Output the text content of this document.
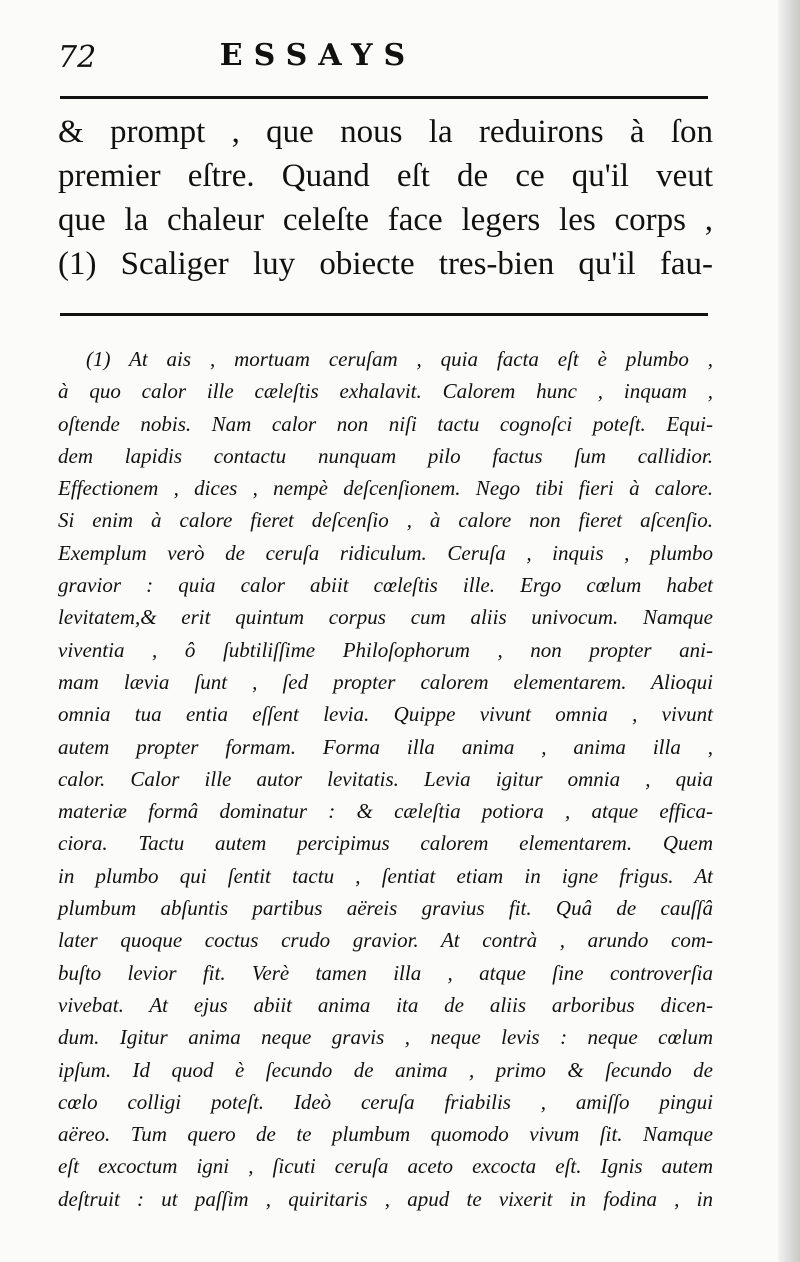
72	ESSAYS
& prompt , que nous la reduirons à ſon
premier eſtre. Quand eſt de ce qu'il veut
que la chaleur celeſte face legers les corps ,
(1) Scaliger luy obiecte tres-bien qu'il fau-
(1) At ais , mortuam ceruſam , quia facta eſt è plumbo ,
à quo calor ille cæleſtis exhalavit. Calorem hunc , inquam ,
oſtende nobis. Nam calor non niſi tactu cognoſci poteſt. Equi-
dem lapidis contactu nunquam pilo factus ſum callidior.
Effectionem , dices , nempè deſcenſionem. Nego tibi fieri à calore.
Si enim à calore fieret deſcenſio , à calore non fieret aſcenſio.
Exemplum verò de ceruſa ridiculum. Ceruſa , inquis , plumbo
gravior : quia calor abiit cœleſtis ille. Ergo cœlum habet
levitatem,& erit quintum corpus cum aliis univocum. Namque
viventia , ô ſubtiliſſime Philoſophorum , non propter ani-
mam lævia ſunt , ſed propter calorem elementarem. Alioqui
omnia tua entia eſſent levia. Quippe vivunt omnia , vivunt
autem propter formam. Forma illa anima , anima illa ,
calor. Calor ille autor levitatis. Levia igitur omnia , quia
materiæ formâ dominatur : & cæleſtia potiora , atque effica-
ciora. Tactu autem percipimus calorem elementarem. Quem
in plumbo qui ſentit tactu , ſentiat etiam in igne frigus. At
plumbum abſuntis partibus aëreis gravius fit. Quâ de cauſſâ
later quoque coctus crudo gravior. At contrà , arundo com-
buſto levior fit. Verè tamen illa , atque ſine controverſia
vivebat. At ejus abiit anima ita de aliis arboribus dicen-
dum. Igitur anima neque gravis , neque levis : neque cœlum
ipſum. Id quod è ſecundo de anima , primo & ſecundo de
cœlo colligi poteſt. Ideò ceruſa friabilis , amiſſo pingui
aëreo. Tum quero de te plumbum quomodo vivum ſit. Namque
eſt excoctum igni , ſicuti ceruſa aceto excocta eſt. Ignis autem
deſtruit : ut paſſim , quiritaris , apud te vixerit in fodina , in
